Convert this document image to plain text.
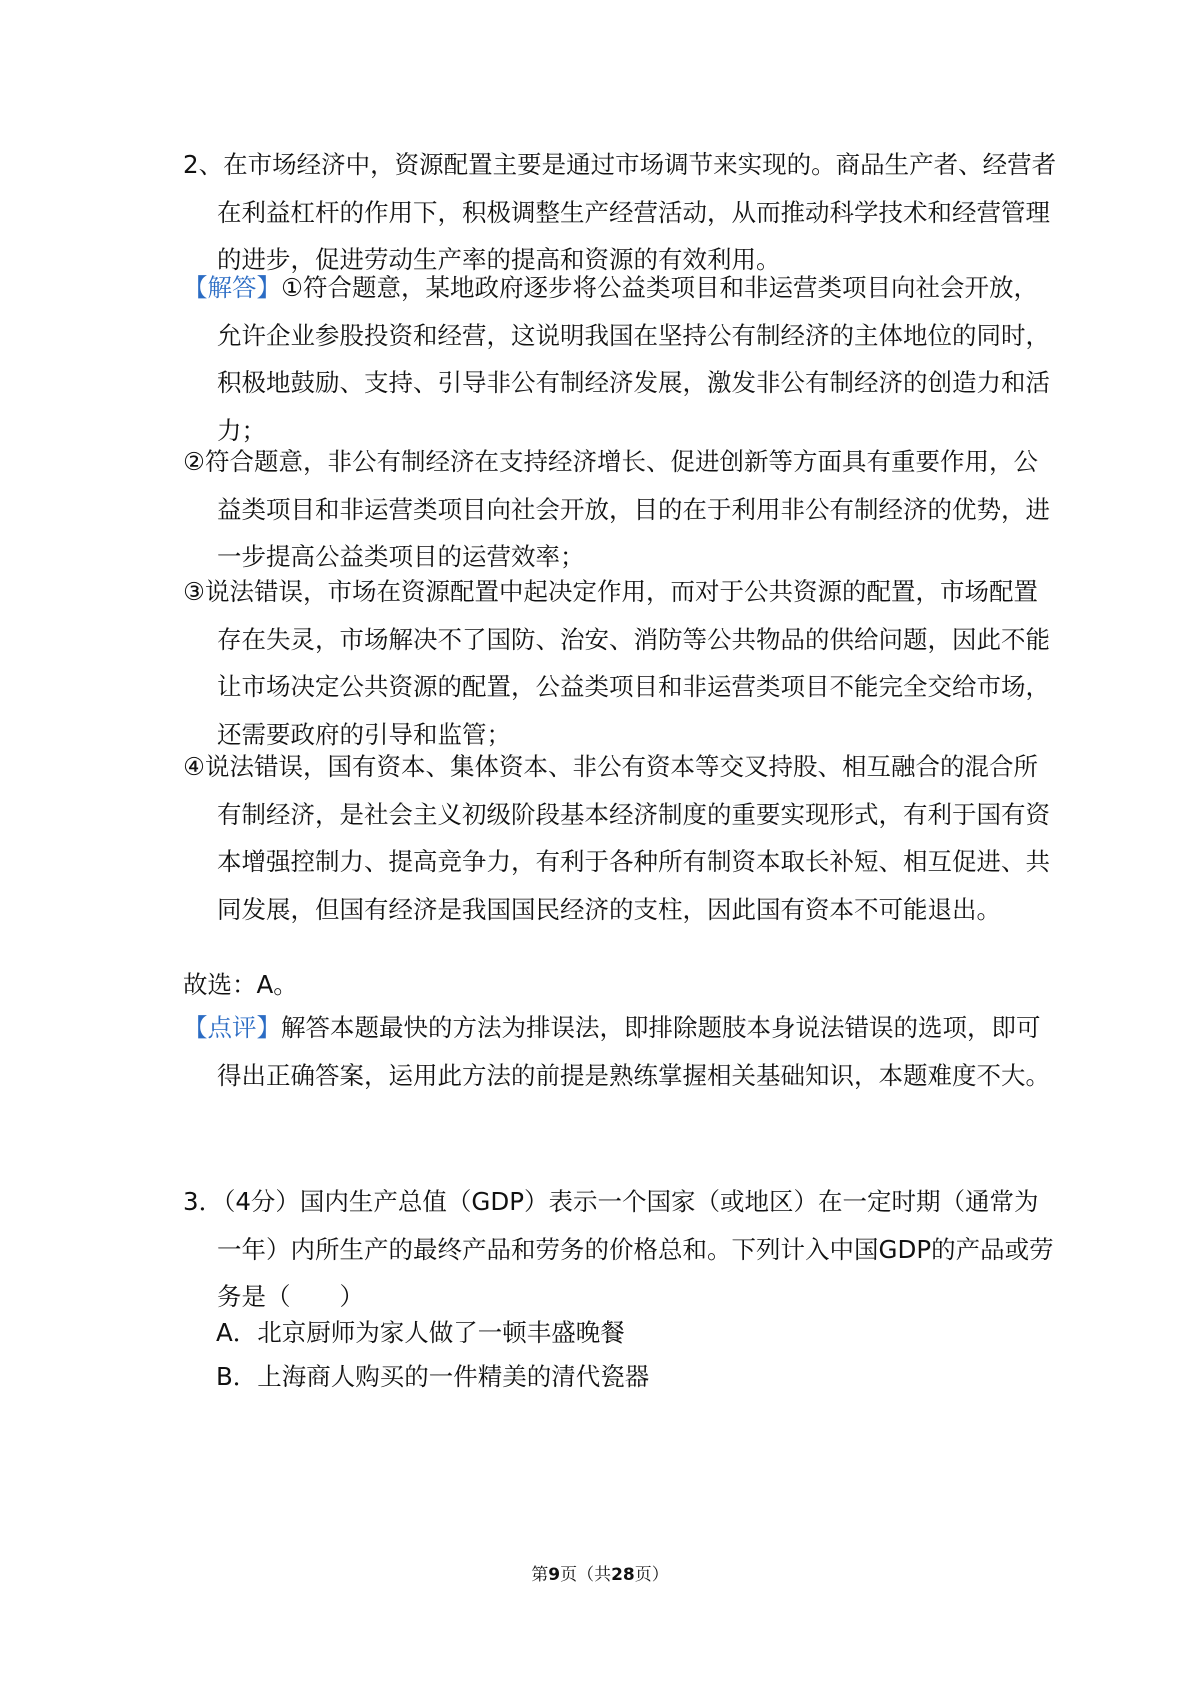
2、在市场经济中，资源配置主要是通过市场调节来实现的。商品生产者、经营者在利益杠杆的作用下，积极调整生产经营活动，从而推动科学技术和经营管理的进步，促进劳动生产率的提高和资源的有效利用。

【解答】①符合题意，某地政府逐步将公益类项目和非运营类项目向社会开放，允许企业参股投资和经营，这说明我国在坚持公有制经济的主体地位的同时，积极地鼓励、支持、引导非公有制经济发展，激发非公有制经济的创造力和活力；

②符合题意，非公有制经济在支持经济增长、促进创新等方面具有重要作用，公益类项目和非运营类项目向社会开放，目的在于利用非公有制经济的优势，进一步提高公益类项目的运营效率；

③说法错误，市场在资源配置中起决定作用，而对于公共资源的配置，市场配置存在失灵，市场解决不了国防、治安、消防等公共物品的供给问题，因此不能让市场决定公共资源的配置，公益类项目和非运营类项目不能完全交给市场，还需要政府的引导和监管；

④说法错误，国有资本、集体资本、非公有资本等交叉持股、相互融合的混合所有制经济，是社会主义初级阶段基本经济制度的重要实现形式，有利于国有资本增强控制力、提高竞争力，有利于各种所有制资本取长补短、相互促进、共同发展，但国有经济是我国国民经济的支柱，因此国有资本不可能退出。

故选：A。

【点评】解答本题最快的方法为排误法，即排除题肢本身说法错误的选项，即可得出正确答案，运用此方法的前提是熟练掌握相关基础知识，本题难度不大。

3．（4分）国内生产总值（GDP）表示一个国家（或地区）在一定时期（通常为一年）内所生产的最终产品和劳务的价格总和。下列计入中国GDP的产品或劳务是（　　）

A．北京厨师为家人做了一顿丰盛晚餐
B．上海商人购买的一件精美的清代瓷器
第9页（共28页）
